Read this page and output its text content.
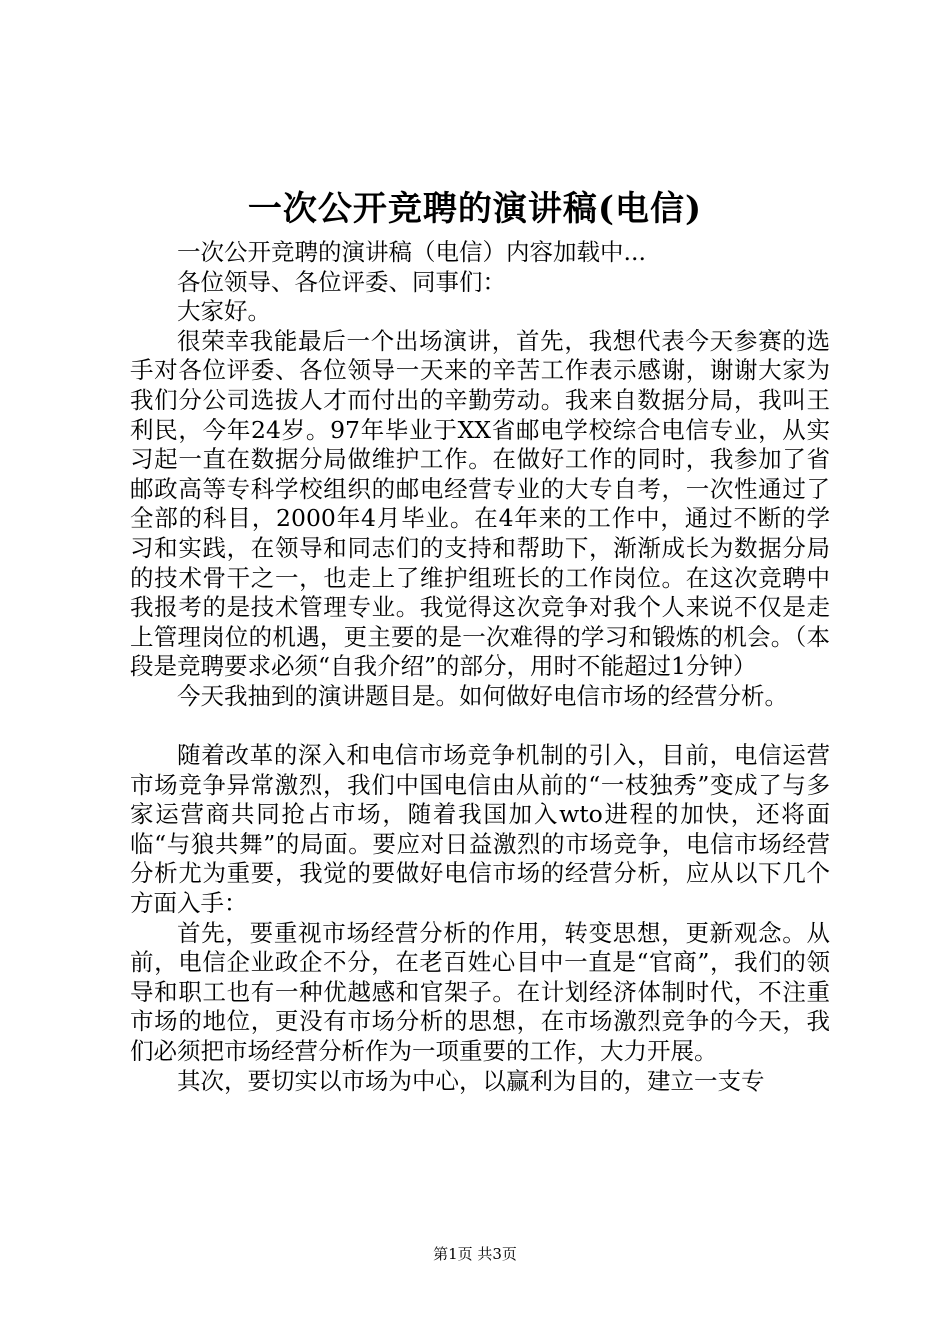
一次公开竞聘的演讲稿(电信)

一次公开竞聘的演讲稿（电信）内容加载中...

各位领导、各位评委、同事们：

大家好。

很荣幸我能最后一个出场演讲，首先，我想代表今天参赛的选手对各位评委、各位领导一天来的辛苦工作表示感谢，谢谢大家为我们分公司选拔人才而付出的辛勤劳动。我来自数据分局，我叫王利民，今年24岁。97年毕业于XX省邮电学校综合电信专业，从实习起一直在数据分局做维护工作。在做好工作的同时，我参加了省邮政高等专科学校组织的邮电经营专业的大专自考，一次性通过了全部的科目，2000年4月毕业。在4年来的工作中，通过不断的学习和实践，在领导和同志们的支持和帮助下，渐渐成长为数据分局的技术骨干之一，也走上了维护组班长的工作岗位。在这次竞聘中我报考的是技术管理专业。我觉得这次竞争对我个人来说不仅是走上管理岗位的机遇，更主要的是一次难得的学习和锻炼的机会。（本段是竞聘要求必须“自我介绍”的部分，用时不能超过1分钟）

今天我抽到的演讲题目是。如何做好电信市场的经营分析。

随着改革的深入和电信市场竞争机制的引入，目前，电信运营市场竞争异常激烈，我们中国电信由从前的“一枝独秀”变成了与多家运营商共同抢占市场，随着我国加入wto进程的加快，还将面临“与狼共舞”的局面。要应对日益激烈的市场竞争，电信市场经营分析尤为重要，我觉的要做好电信市场的经营分析，应从以下几个方面入手：

首先，要重视市场经营分析的作用，转变思想，更新观念。从前，电信企业政企不分，在老百姓心目中一直是“官商”，我们的领导和职工也有一种优越感和官架子。在计划经济体制时代，不注重市场的地位，更没有市场分析的思想，在市场激烈竞争的今天，我们必须把市场经营分析作为一项重要的工作，大力开展。

其次，要切实以市场为中心，以赢利为目的，建立一支专

第1页 共3页
